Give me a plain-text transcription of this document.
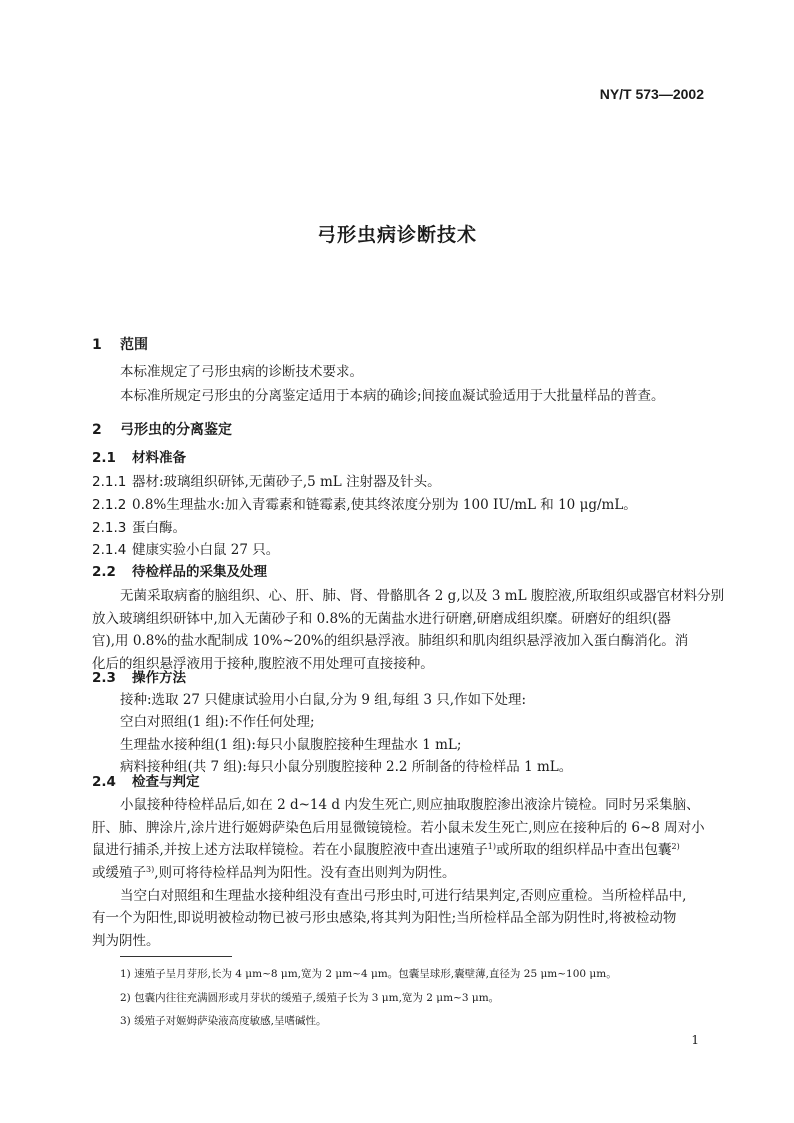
NY/T 573—2002
弓形虫病诊断技术
1 范围
本标准规定了弓形虫病的诊断技术要求。
本标准所规定弓形虫的分离鉴定适用于本病的确诊;间接血凝试验适用于大批量样品的普查。
2 弓形虫的分离鉴定
2.1 材料准备
2.1.1 器材:玻璃组织研钵,无菌砂子,5 mL 注射器及针头。
2.1.2 0.8%生理盐水:加入青霉素和链霉素,使其终浓度分别为 100 IU/mL 和 10 μg/mL。
2.1.3 蛋白酶。
2.1.4 健康实验小白鼠 27 只。
2.2 待检样品的采集及处理
无菌采取病畜的脑组织、心、肝、肺、肾、骨骼肌各 2 g,以及 3 mL 腹腔液,所取组织或器官材料分别
放入玻璃组织研钵中,加入无菌砂子和 0.8%的无菌盐水进行研磨,研磨成组织糜。研磨好的组织(器
官),用 0.8%的盐水配制成 10%~20%的组织悬浮液。肺组织和肌肉组织悬浮液加入蛋白酶消化。消
化后的组织悬浮液用于接种,腹腔液不用处理可直接接种。
2.3 操作方法
接种:选取 27 只健康试验用小白鼠,分为 9 组,每组 3 只,作如下处理:
空白对照组(1 组):不作任何处理;
生理盐水接种组(1 组):每只小鼠腹腔接种生理盐水 1 mL;
病料接种组(共 7 组):每只小鼠分别腹腔接种 2.2 所制备的待检样品 1 mL。
2.4 检查与判定
小鼠接种待检样品后,如在 2 d~14 d 内发生死亡,则应抽取腹腔渗出液涂片镜检。同时另采集脑、
肝、肺、脾涂片,涂片进行姬姆萨染色后用显微镜镜检。若小鼠未发生死亡,则应在接种后的 6~8 周对小
鼠进行捕杀,并按上述方法取样镜检。若在小鼠腹腔液中查出速殖子$^{1)}$或所取的组织样品中查出包囊$^{2)}$
或缓殖子$^{3)}$,则可将待检样品判为阳性。没有查出则判为阴性。
当空白对照组和生理盐水接种组没有查出弓形虫时,可进行结果判定,否则应重检。当所检样品中,
有一个为阳性,即说明被检动物已被弓形虫感染,将其判为阳性;当所检样品全部为阴性时,将被检动物
判为阴性。
1) 速殖子呈月芽形,长为 4 μm~8 μm,宽为 2 μm~4 μm。包囊呈球形,囊壁薄,直径为 25 μm~100 μm。
2) 包囊内往往充满圆形或月芽状的缓殖子,缓殖子长为 3 μm,宽为 2 μm~3 μm。
3) 缓殖子对姬姆萨染液高度敏感,呈嗜碱性。
1
